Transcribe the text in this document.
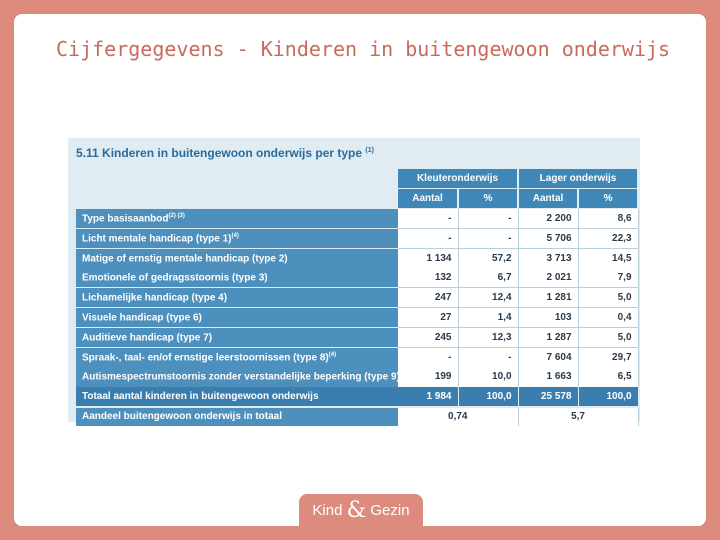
Cijfergegevens - Kinderen in buitengewoon onderwijs
5.11 Kinderen in buitengewoon onderwijs per type $^{(1)}$
	Kleuteronderwijs		Lager onderwijs	
	Aantal	%	Aantal	%
Type basisaanbod$^{(2) (3)}$	-	-	2 200	8,6
Licht mentale handicap (type 1)$^{(4)}$	-	-	5 706	22,3
Matige of ernstig mentale handicap (type 2)	1 134	57,2	3 713	14,5
Emotionele of gedragsstoornis (type 3)	132	6,7	2 021	7,9
Lichamelijke handicap (type 4)	247	12,4	1 281	5,0
Visuele handicap (type 6)	27	1,4	103	0,4
Auditieve handicap (type 7)	245	12,3	1 287	5,0
Spraak-, taal- en/of ernstige leerstoornissen (type 8)$^{(4)}$	-	-	7 604	29,7
Autismespectrumstoornis zonder verstandelijke beperking (type 9)$^{(5)}$	199	10,0	1 663	6,5
Totaal aantal kinderen in buitengewoon onderwijs	1 984	100,0	25 578	100,0
Aandeel buitengewoon onderwijs in totaal	0,74		5,7	
Kind & Gezin
